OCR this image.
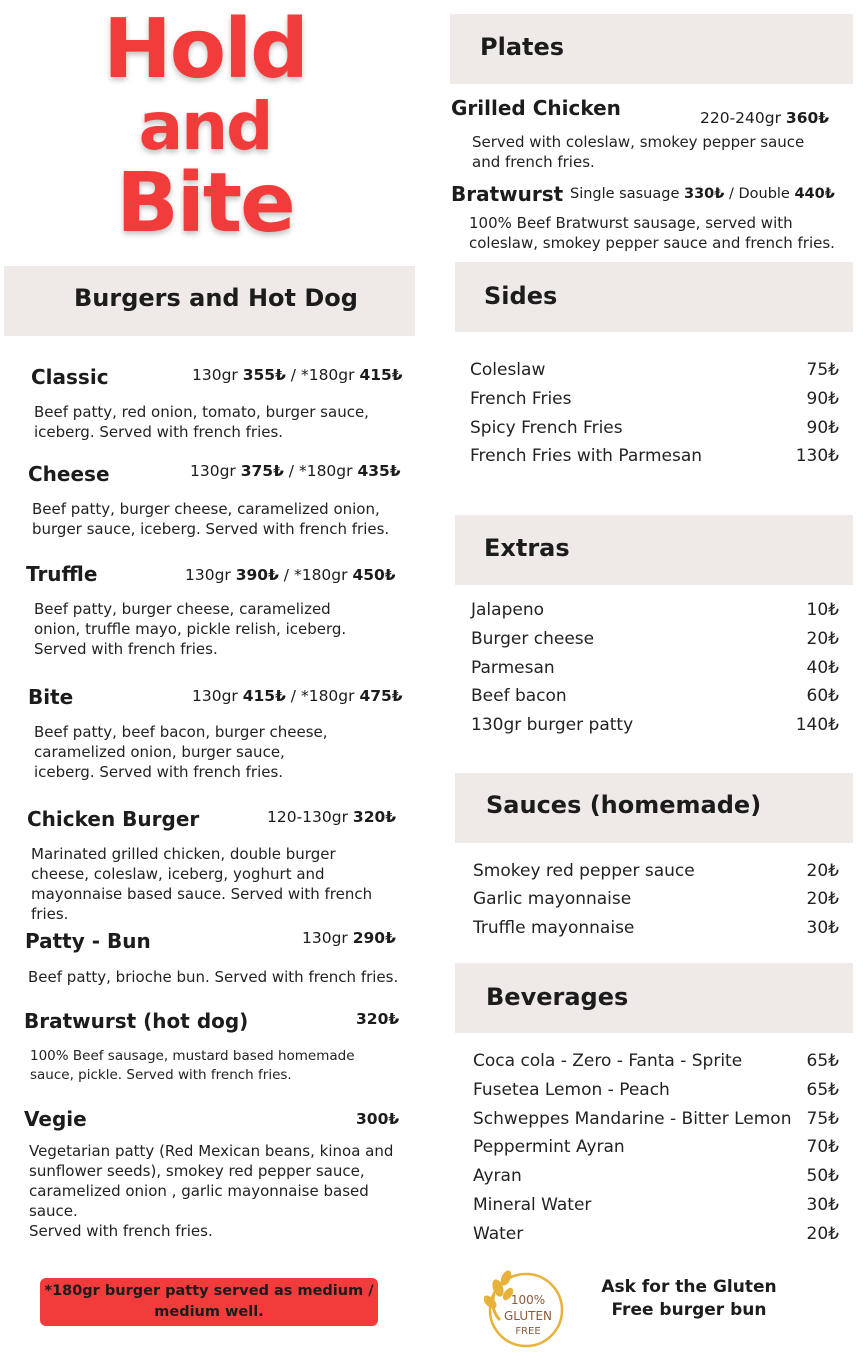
Hold
and
Bite
Burgers and Hot Dog
Classic	130gr 355₺ / *180gr 415₺
Beef patty, red onion, tomato, burger sauce, iceberg. Served with french fries.
Cheese	130gr 375₺ / *180gr 435₺
Beef patty, burger cheese, caramelized onion, burger sauce, iceberg. Served with french fries.
Truffle	130gr 390₺ / *180gr 450₺
Beef patty, burger cheese, caramelized onion, truffle mayo, pickle relish, iceberg. Served with french fries.
Bite	130gr 415₺ / *180gr 475₺
Beef patty, beef bacon, burger cheese, caramelized onion, burger sauce, iceberg. Served with french fries.
Chicken Burger	120-130gr 320₺
Marinated grilled chicken, double burger cheese, coleslaw, iceberg, yoghurt and mayonnaise based sauce. Served with french fries.
Patty - Bun	130gr 290₺
Beef patty, brioche bun. Served with french fries.
Bratwurst (hot dog)	320₺
100% Beef sausage, mustard based homemade sauce, pickle. Served with french fries.
Vegie	300₺
Vegetarian patty (Red Mexican beans, kinoa and sunflower seeds), smokey red pepper sauce, caramelized onion , garlic mayonnaise based sauce.
Served with french fries.
*180gr burger patty served as medium / medium well.
Plates
Grilled Chicken	220-240gr 360₺
Served with coleslaw, smokey pepper sauce and french fries.
Bratwurst Single sasuage 330₺ / Double 440₺
100% Beef Bratwurst sausage, served with coleslaw, smokey pepper sauce and french fries.
Sides
Coleslaw	75₺
French Fries	90₺
Spicy French Fries	90₺
French Fries with Parmesan	130₺
Extras
Jalapeno	10₺
Burger cheese	20₺
Parmesan	40₺
Beef bacon	60₺
130gr burger patty	140₺
Sauces (homemade)
Smokey red pepper sauce	20₺
Garlic mayonnaise	20₺
Truffle mayonnaise	30₺
Beverages
Coca cola - Zero - Fanta - Sprite	65₺
Fusetea Lemon - Peach	65₺
Schweppes Mandarine - Bitter Lemon 75₺
Peppermint Ayran	70₺
Ayran	50₺
Mineral Water	30₺
Water	20₺
100%
GLUTEN
FREE
Ask for the Gluten Free burger bun
